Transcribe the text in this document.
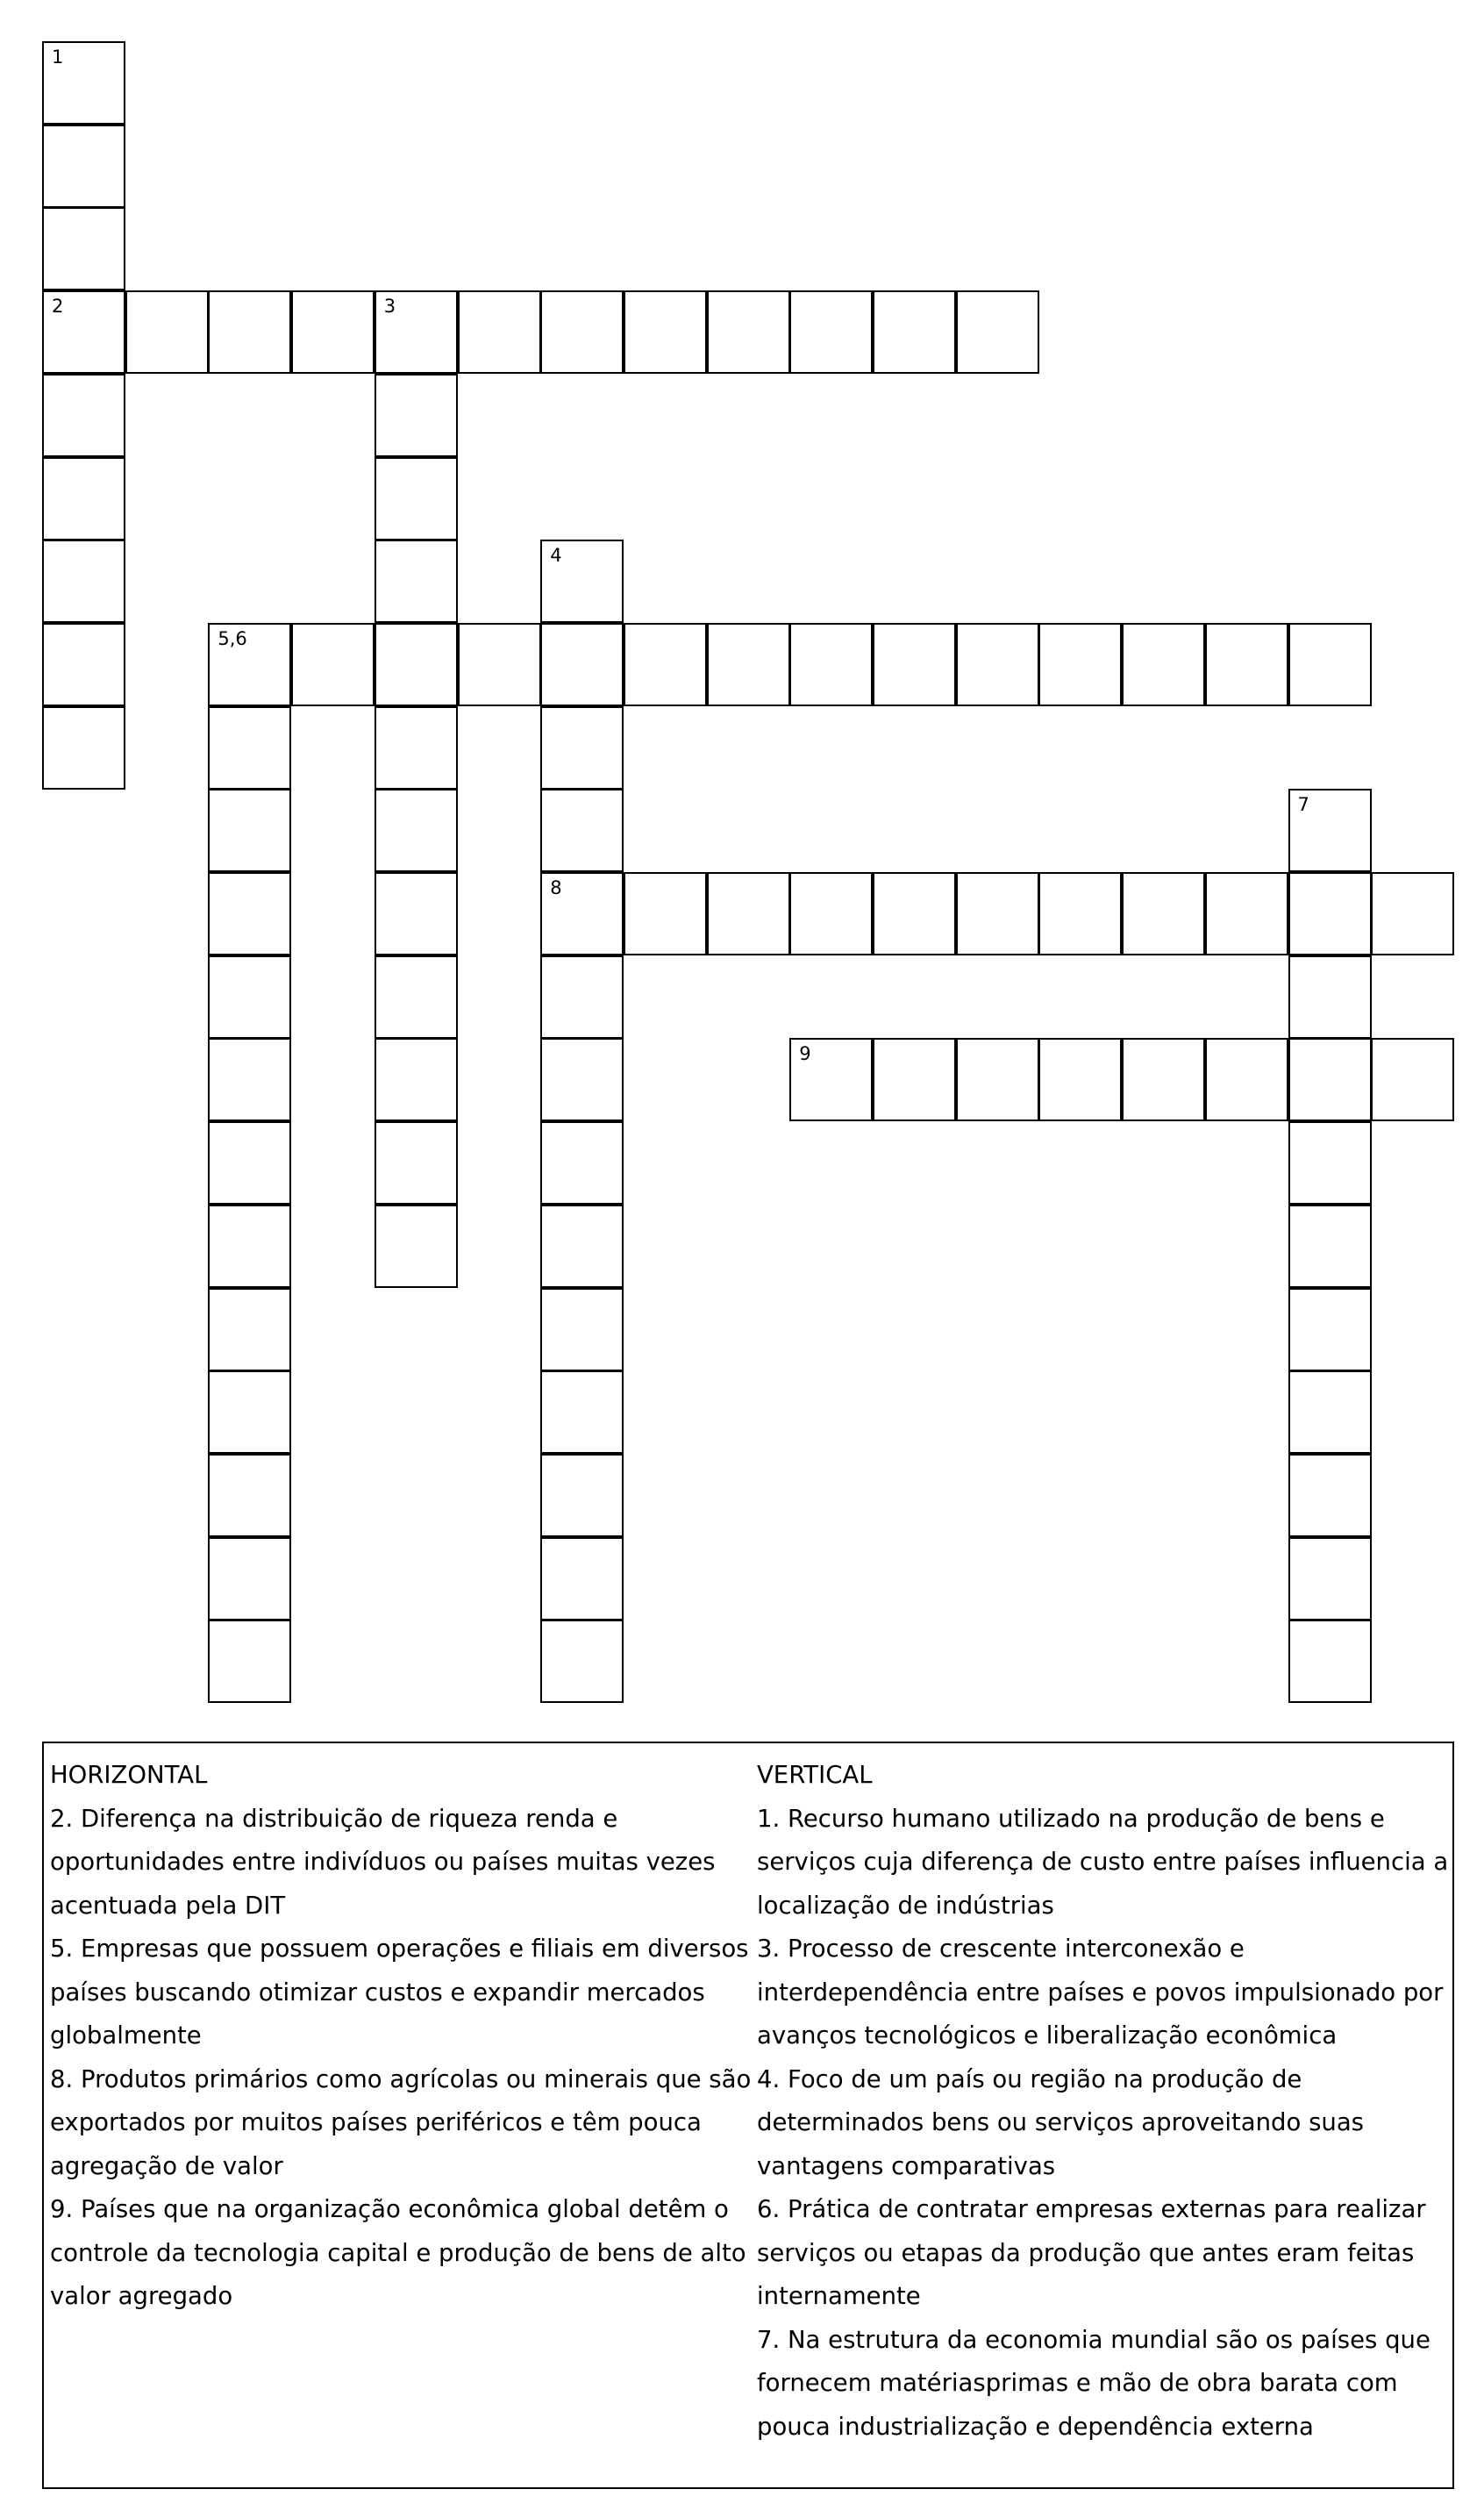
1
2	3
4
8
5,6
7
9

HORIZONTAL

2. Diferença na distribuição de riqueza renda e oportunidades entre indivíduos ou países muitas vezes acentuada pela DIT

5. Empresas que possuem operações e filiais em diversos países buscando otimizar custos e expandir mercados globalmente

8. Produtos primários como agrícolas ou minerais que são exportados por muitos países periféricos e têm pouca agregação de valor

9. Países que na organização econômica global detêm o controle da tecnologia capital e produção de bens de alto valor agregado

VERTICAL

1. Recurso humano utilizado na produção de bens e serviços cuja diferença de custo entre países influencia a localização de indústrias

3. Processo de crescente interconexão e interdependência entre países e povos impulsionado por avanços tecnológicos e liberalização econômica

4. Foco de um país ou região na produção de determinados bens ou serviços aproveitando suas vantagens comparativas

6. Prática de contratar empresas externas para realizar serviços ou etapas da produção que antes eram feitas internamente

7. Na estrutura da economia mundial são os países que fornecem matériasprimas e mão de obra barata com pouca industrialização e dependência externa
